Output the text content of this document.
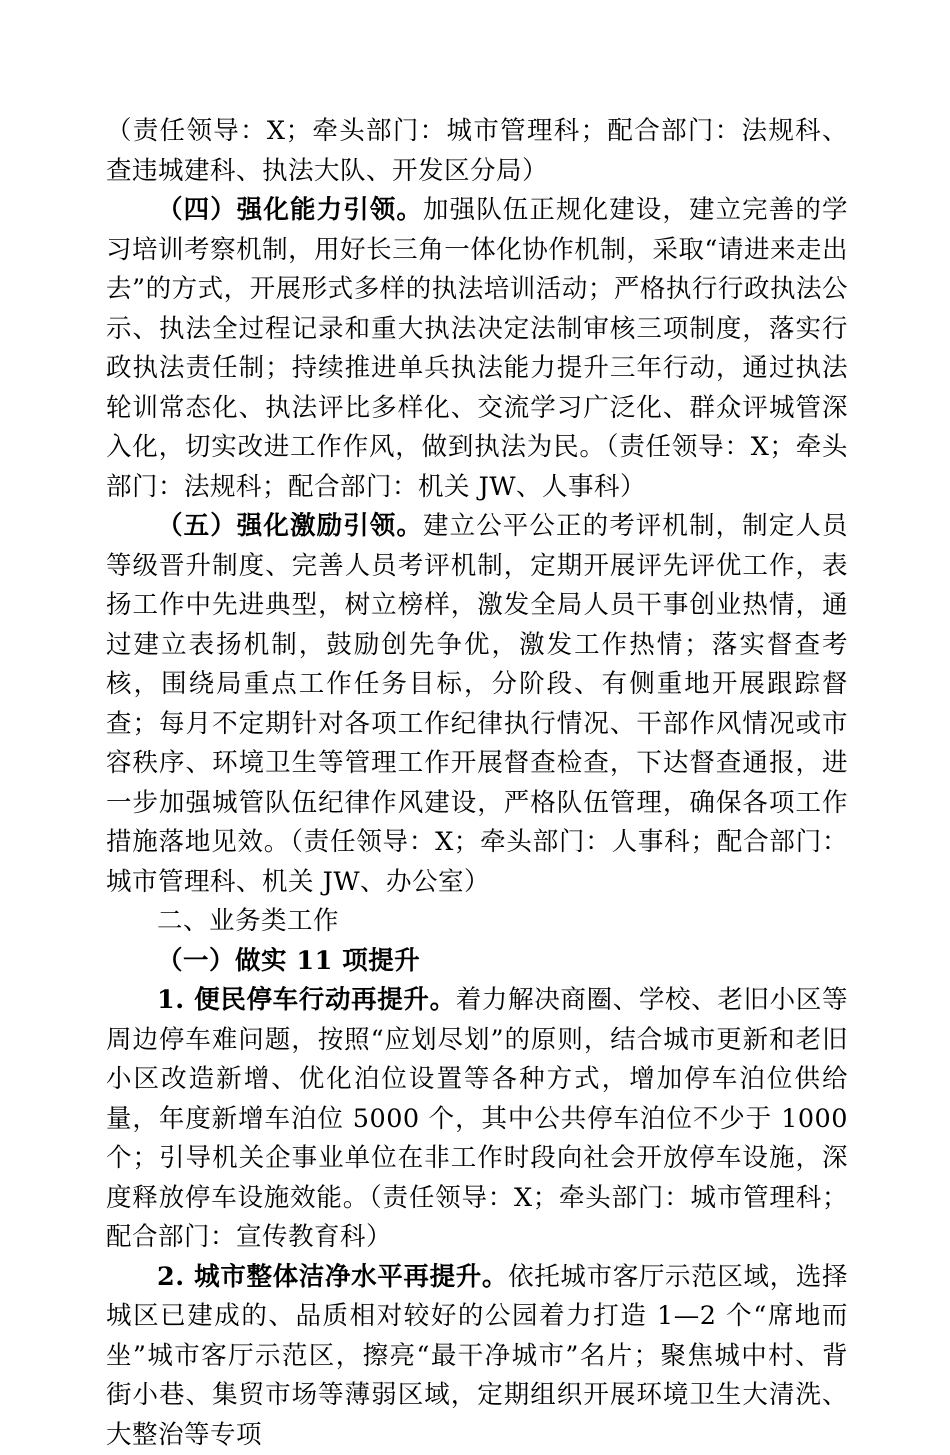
（责任领导：X；牵头部门：城市管理科；配合部门：法规科、查违城建科、执法大队、开发区分局）

（四）强化能力引领。加强队伍正规化建设，建立完善的学习培训考察机制，用好长三角一体化协作机制，采取“请进来走出去”的方式，开展形式多样的执法培训活动；严格执行行政执法公示、执法全过程记录和重大执法决定法制审核三项制度，落实行政执法责任制；持续推进单兵执法能力提升三年行动，通过执法轮训常态化、执法评比多样化、交流学习广泛化、群众评城管深入化，切实改进工作作风，做到执法为民。（责任领导：X；牵头部门：法规科；配合部门：机关 JW、人事科）

（五）强化激励引领。建立公平公正的考评机制，制定人员等级晋升制度、完善人员考评机制，定期开展评先评优工作，表扬工作中先进典型，树立榜样，激发全局人员干事创业热情，通过建立表扬机制，鼓励创先争优，激发工作热情；落实督查考核，围绕局重点工作任务目标，分阶段、有侧重地开展跟踪督查；每月不定期针对各项工作纪律执行情况、干部作风情况或市容秩序、环境卫生等管理工作开展督查检查，下达督查通报，进一步加强城管队伍纪律作风建设，严格队伍管理，确保各项工作措施落地见效。（责任领导：X；牵头部门：人事科；配合部门：城市管理科、机关 JW、办公室）

二、业务类工作

（一）做实 11 项提升

1. 便民停车行动再提升。着力解决商圈、学校、老旧小区等周边停车难问题，按照“应划尽划”的原则，结合城市更新和老旧小区改造新增、优化泊位设置等各种方式，增加停车泊位供给量，年度新增车泊位 5000 个，其中公共停车泊位不少于 1000 个；引导机关企事业单位在非工作时段向社会开放停车设施，深度释放停车设施效能。（责任领导：X；牵头部门：城市管理科；配合部门：宣传教育科）

2. 城市整体洁净水平再提升。依托城市客厅示范区域，选择城区已建成的、品质相对较好的公园着力打造 1—2 个“席地而坐”城市客厅示范区，擦亮“最干净城市”名片；聚焦城中村、背街小巷、集贸市场等薄弱区域，定期组织开展环境卫生大清洗、大整治等专项
